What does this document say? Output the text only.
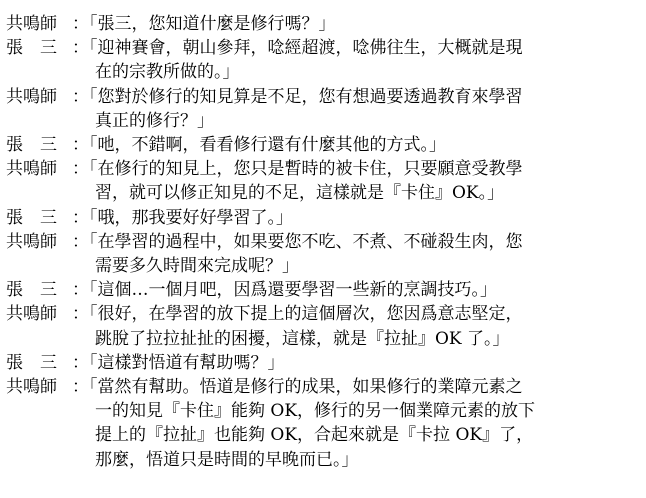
共鳴師 ：「張三，您知道什麼是修行嗎？」
張　三 ：「迎神賽會，朝山參拜，唸經超渡，唸佛往生，大概就是現
在的宗教所做的。」
共鳴師 ：「您對於修行的知見算是不足，您有想過要透過教育來學習
真正的修行？」
張　三 ：「吔，不錯啊，看看修行還有什麼其他的方式。」
共鳴師 ：「在修行的知見上，您只是暫時的被卡住，只要願意受教學
習，就可以修正知見的不足，這樣就是『卡住』OK。」
張　三 ：「哦，那我要好好學習了。」
共鳴師 ：「在學習的過程中，如果要您不吃、不煮、不碰殺生肉，您
需要多久時間來完成呢？」
張　三 ：「這個…一個月吧，因爲還要學習一些新的烹調技巧。」
共鳴師 ：「很好，在學習的放下提上的這個層次，您因爲意志堅定，
跳脫了拉拉扯扯的困擾，這樣，就是『拉扯』OK 了。」
張　三 ：「這樣對悟道有幫助嗎？」
共鳴師 ：「當然有幫助。悟道是修行的成果，如果修行的業障元素之
一的知見『卡住』能夠 OK，修行的另一個業障元素的放下
提上的『拉扯』也能夠 OK，合起來就是『卡拉 OK』了，
那麼，悟道只是時間的早晚而已。」
